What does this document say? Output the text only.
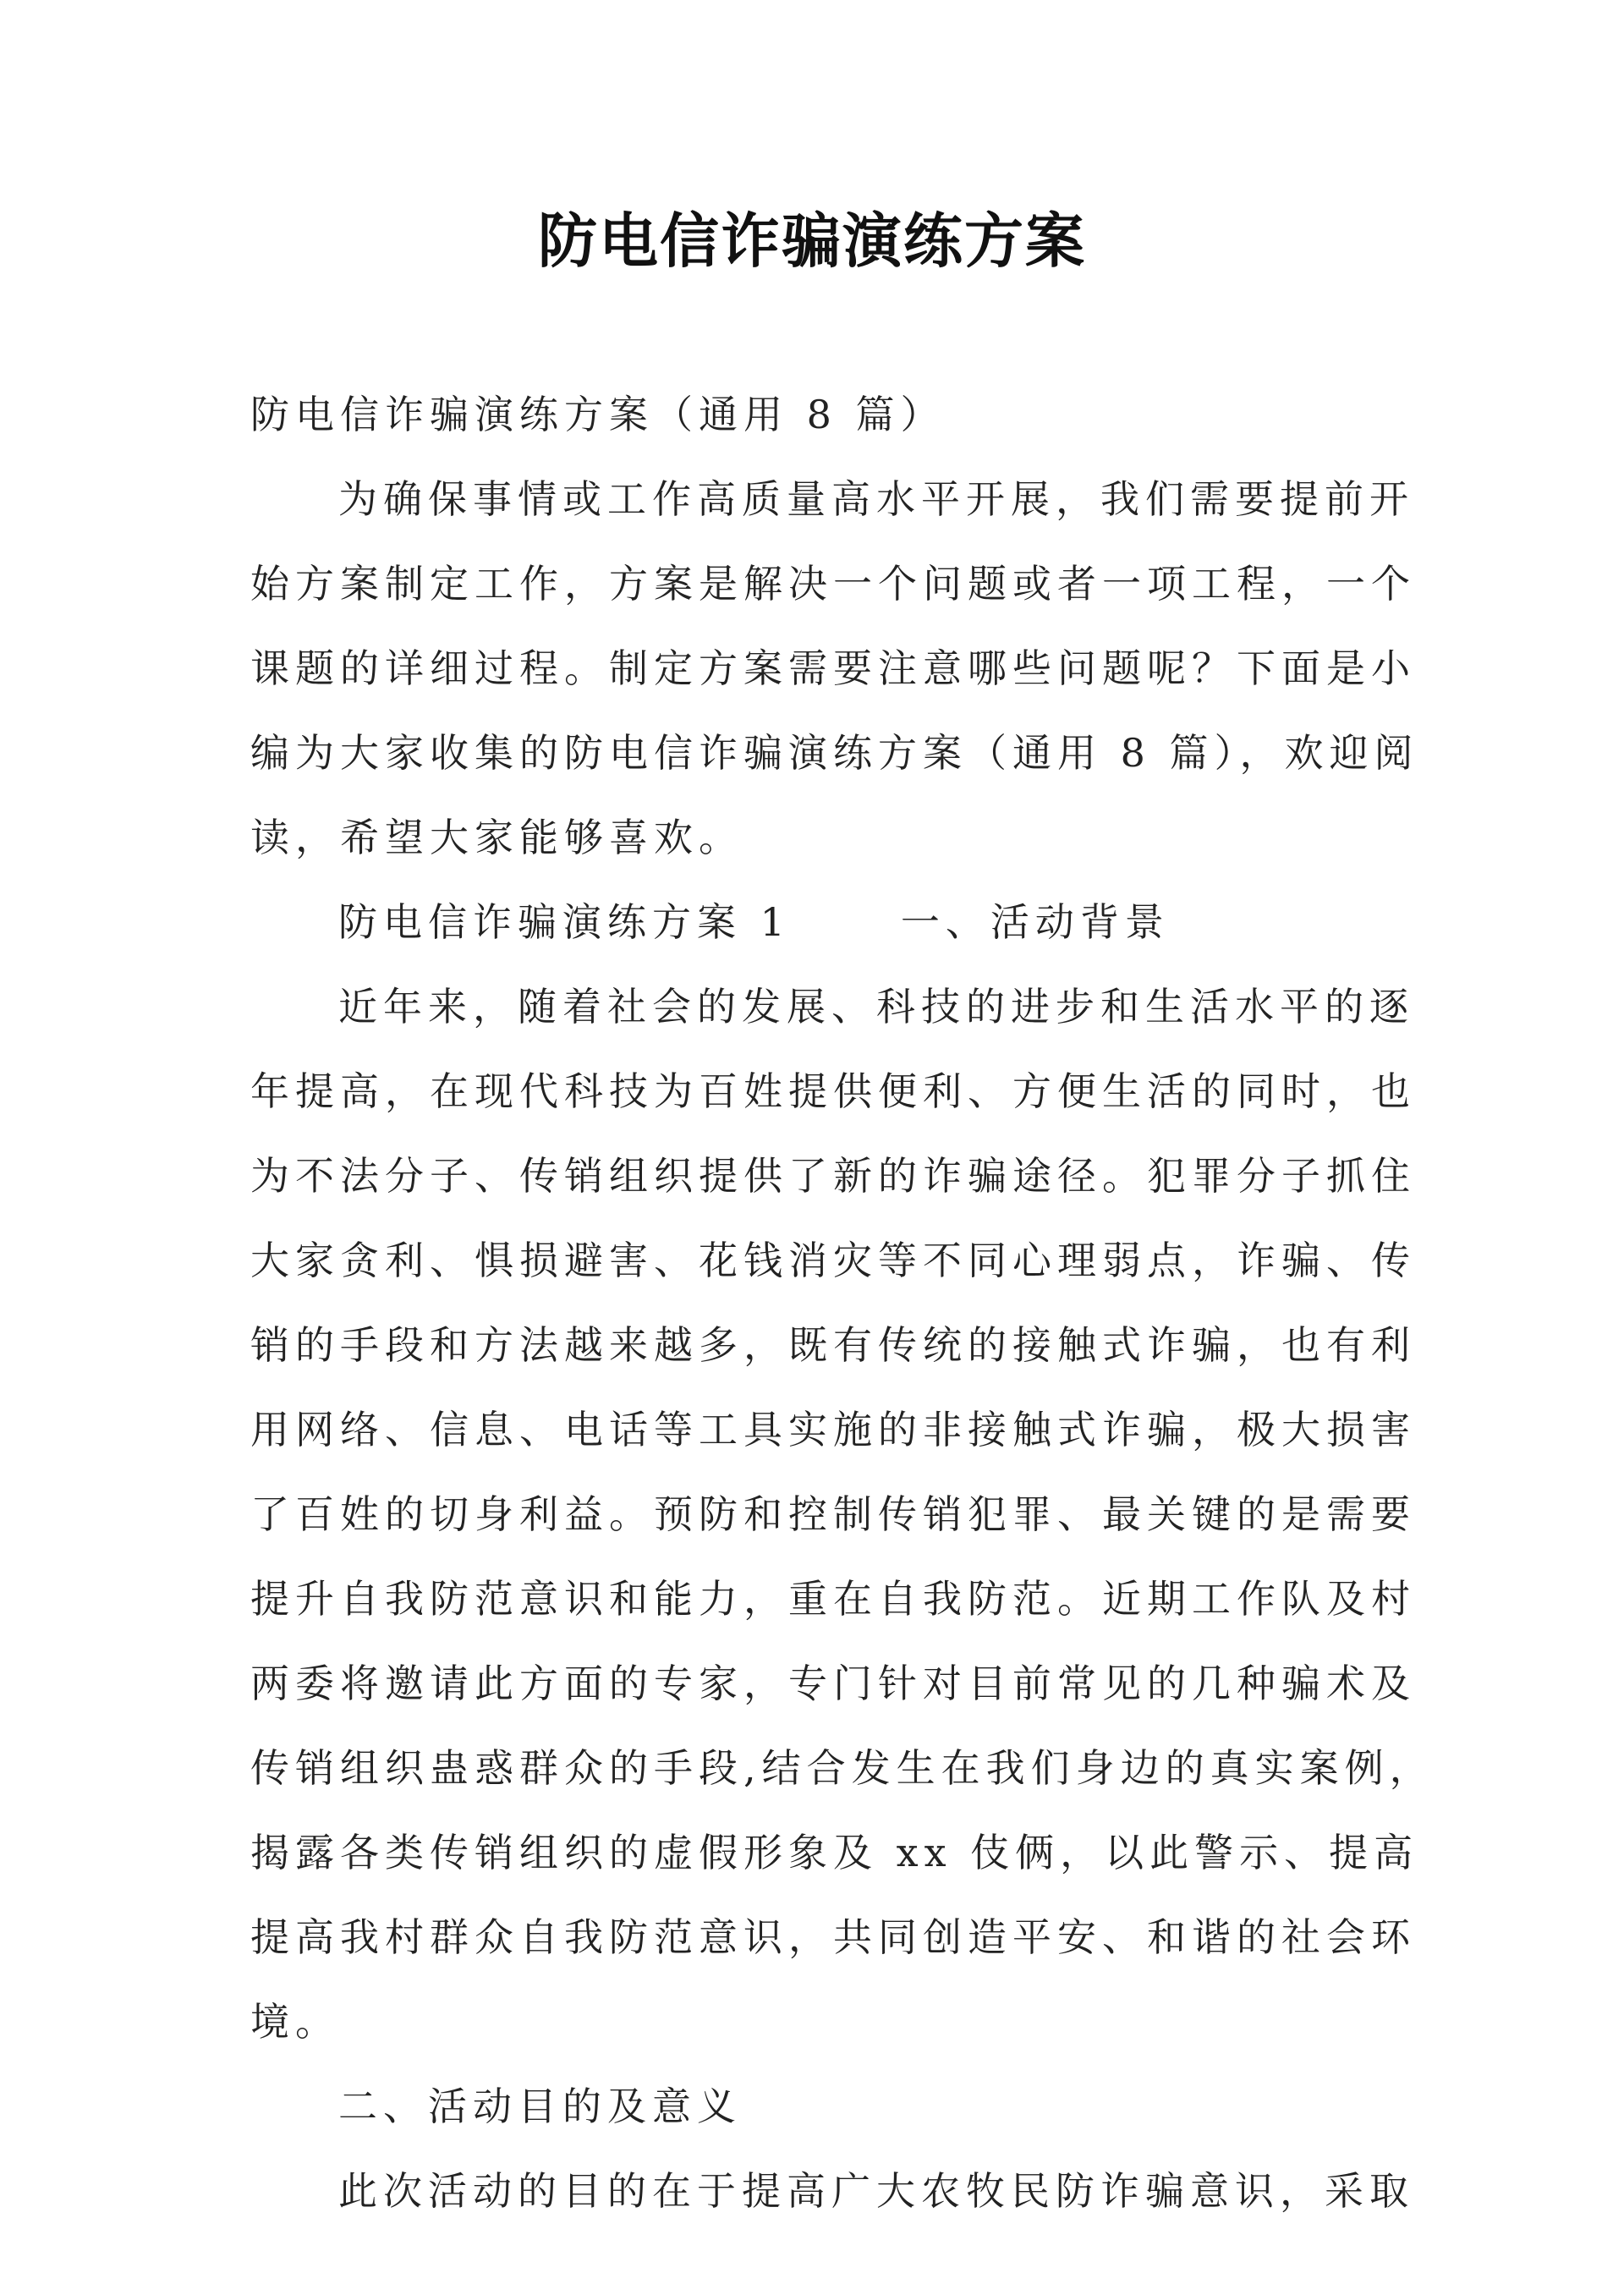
防电信诈骗演练方案
防电信诈骗演练方案（通用 8 篇）
为确保事情或工作高质量高水平开展，我们需要提前开
始方案制定工作，方案是解决一个问题或者一项工程，一个
课题的详细过程。制定方案需要注意哪些问题呢？下面是小
编为大家收集的防电信诈骗演练方案（通用 8 篇），欢迎阅
读，希望大家能够喜欢。
防电信诈骗演练方案 1	一、活动背景
近年来，随着社会的发展、科技的进步和生活水平的逐
年提高，在现代科技为百姓提供便利、方便生活的同时，也
为不法分子、传销组织提供了新的诈骗途径。犯罪分子抓住
大家贪利、惧损避害、花钱消灾等不同心理弱点，诈骗、传
销的手段和方法越来越多，既有传统的接触式诈骗，也有利
用网络、信息、电话等工具实施的非接触式诈骗，极大损害
了百姓的切身利益。预防和控制传销犯罪、最关键的是需要
提升自我防范意识和能力，重在自我防范。近期工作队及村
两委将邀请此方面的专家，专门针对目前常见的几种骗术及
传销组织蛊惑群众的手段,结合发生在我们身边的真实案例，
揭露各类传销组织的虚假形象及 xx 伎俩，以此警示、提高
提高我村群众自我防范意识，共同创造平安、和谐的社会环
境。
二、活动目的及意义
此次活动的目的在于提高广大农牧民防诈骗意识，采取
